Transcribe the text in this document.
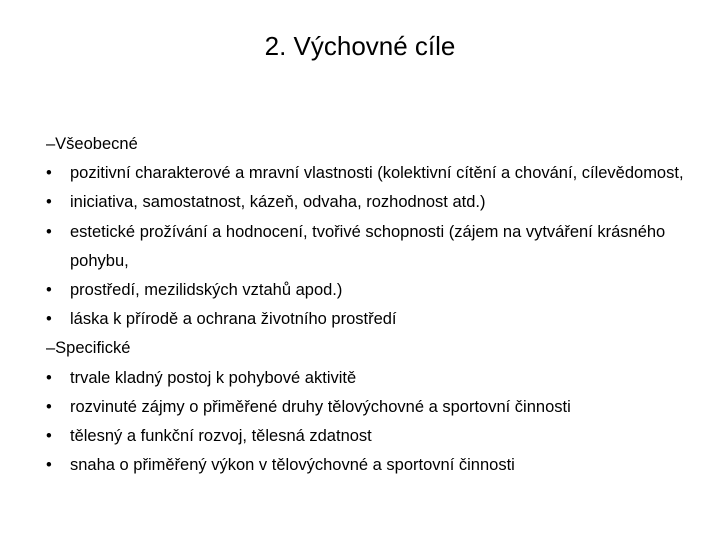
2. Výchovné cíle
–Všeobecné
• pozitivní charakterové a mravní vlastnosti (kolektivní cítění a chování, cílevědomost,
• iniciativa, samostatnost, kázeň, odvaha, rozhodnost atd.)
• estetické prožívání a hodnocení, tvořivé schopnosti (zájem na vytváření krásného pohybu,
• prostředí, mezilidských vztahů apod.)
• láska k přírodě a ochrana životního prostředí
–Specifické
• trvale kladný postoj k pohybové aktivitě
• rozvinuté zájmy o přiměřené druhy tělovýchovné a sportovní činnosti
• tělesný a funkční rozvoj, tělesná zdatnost
• snaha o přiměřený výkon v tělovýchovné a sportovní činnosti
